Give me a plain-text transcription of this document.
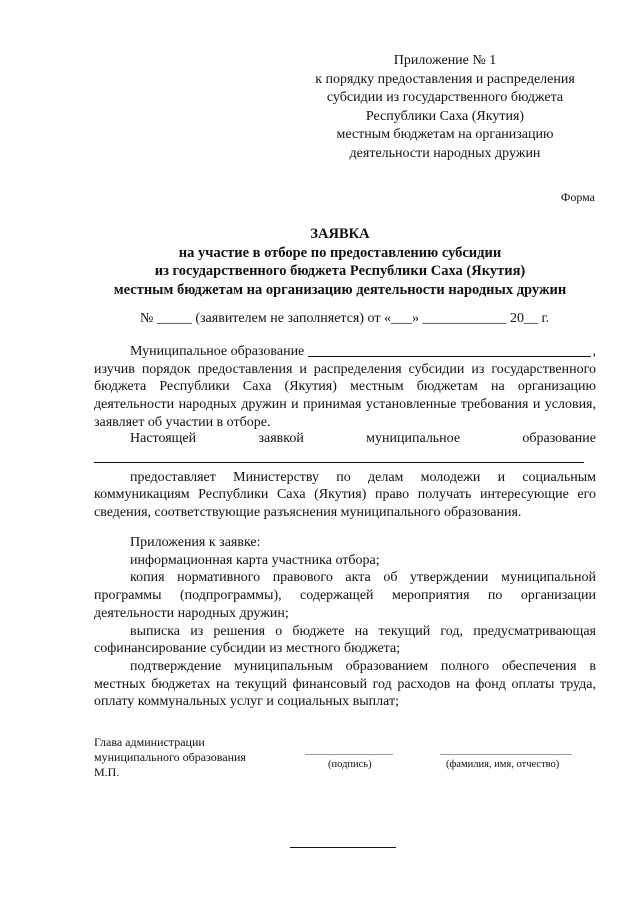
Приложение № 1
к порядку предоставления и распределения
субсидии из государственного бюджета
Республики Саха (Якутия)
местным бюджетам на организацию
деятельности народных дружин
Форма
ЗАЯВКА
на участие в отборе по предоставлению субсидии
из государственного бюджета Республики Саха (Якутия)
местным бюджетам на организацию деятельности народных дружин
№ _____ (заявителем не заполняется) от «___» ____________ 20__ г.
Муниципальное образование	,
изучив порядок предоставления и распределения субсидии из государственного бюджета Республики Саха (Якутия) местным бюджетам на организацию деятельности народных дружин и принимая установленные требования и условия, заявляет об участии в отборе.
Настоящей	заявкой	муниципальное	образование
предоставляет Министерству по делам молодежи и социальным коммуникациям Республики Саха (Якутия) право получать интересующие его сведения, соответствующие разъяснения муниципального образования.

Приложения к заявке:

информационная карта участника отбора;

копия нормативного правового акта об утверждении муниципальной программы (подпрограммы), содержащей мероприятия по организации деятельности народных дружин;

выписка из решения о бюджете на текущий год, предусматривающая софинансирование субсидии из местного бюджета;

подтверждение муниципальным образованием полного обеспечения в местных бюджетах на текущий финансовый год расходов на фонд оплаты труда, оплату коммунальных услуг и социальных выплат;

Глава администрации
муниципального образования
М.П.
(подпись)	(фамилия, имя, отчество)
